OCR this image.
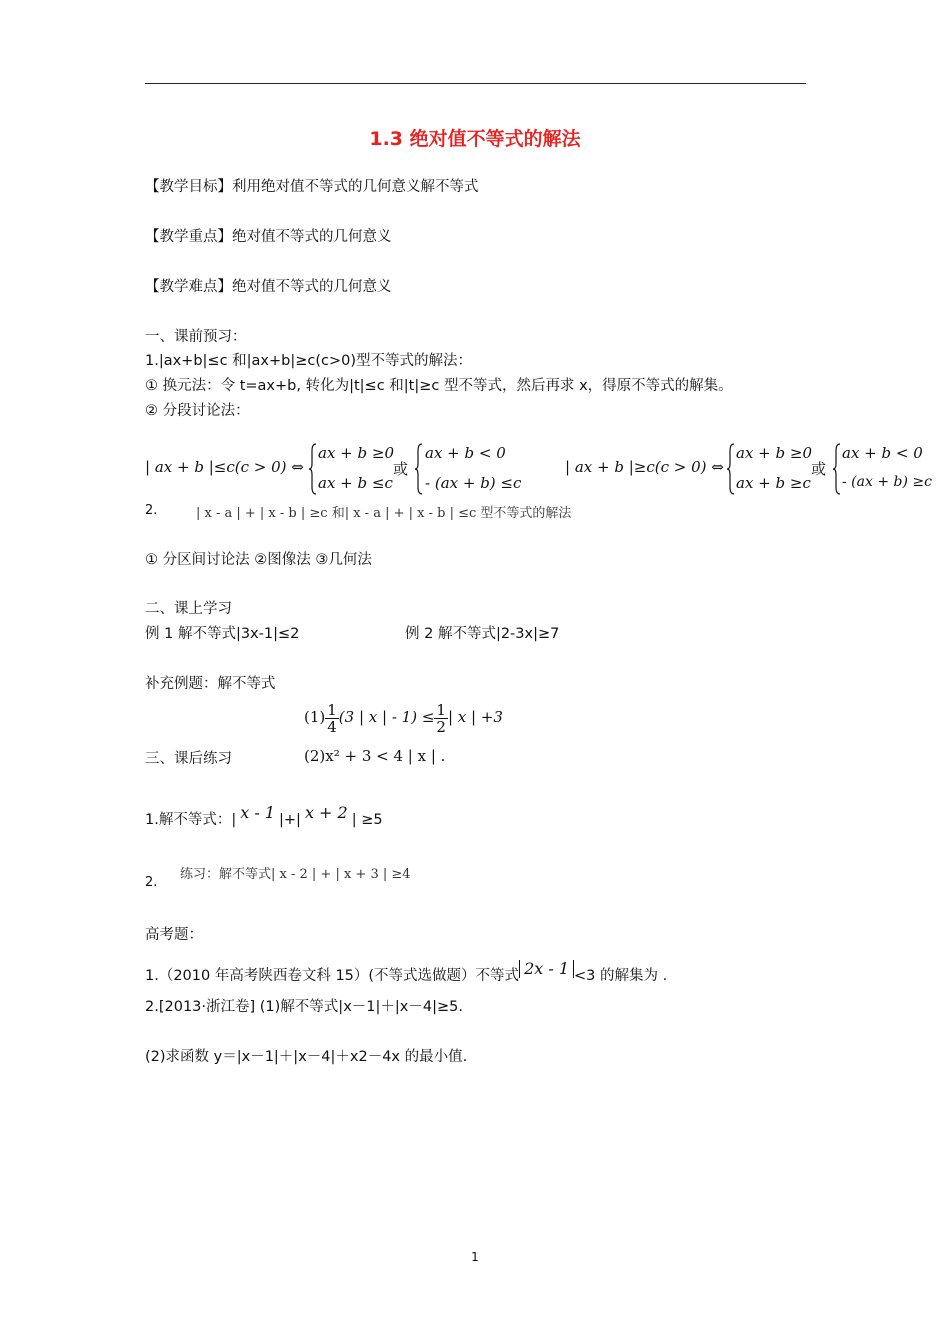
1.3 绝对值不等式的解法
【教学目标】利用绝对值不等式的几何意义解不等式
【教学重点】绝对值不等式的几何意义
【教学难点】绝对值不等式的几何意义
一、课前预习：
1.|ax+b|≤c 和|ax+b|≥c(c>0)型不等式的解法：
① 换元法：令 t=ax+b, 转化为|t|≤c 和|t|≥c 型不等式，然后再求 x，得原不等式的解集。
② 分段讨论法：
| ax + b |≤c(c > 0) ⇔
ax + b ≥0
ax + b ≤c
或
ax + b < 0
- (ax + b) ≤c
| ax + b |≥c(c > 0) ⇔
ax + b ≥0
ax + b ≥c
或
ax + b < 0
- (ax + b) ≥c
2.	| x - a | + | x - b | ≥c 和| x - a | + | x - b | ≤c 型不等式的解法
① 分区间讨论法 ②图像法 ③几何法
二、课上学习
例 1 解不等式|3x-1|≤2	例 2 解不等式|2-3x|≥7
补充例题：解不等式
$(1) \frac{1}{4} (3$ | x | - $1) \le \frac{1}{2}$ | x | +3
三、课后练习	(2)x² + 3 < 4 | x | .
1.解不等式：| x - 1 |+| x + 2 | ≥5
2.
练习：解不等式| x - 2 | + | x + 3 | ≥4
高考题：
1.（2010 年高考陕西卷文科 15）(不等式选做题）不等式 2x - 1 <3 的解集为 .
2.[2013·浙江卷] (1)解不等式|x－1|＋|x－4|≥5.
(2)求函数 y＝|x－1|＋|x－4|＋x2－4x 的最小值.
1
